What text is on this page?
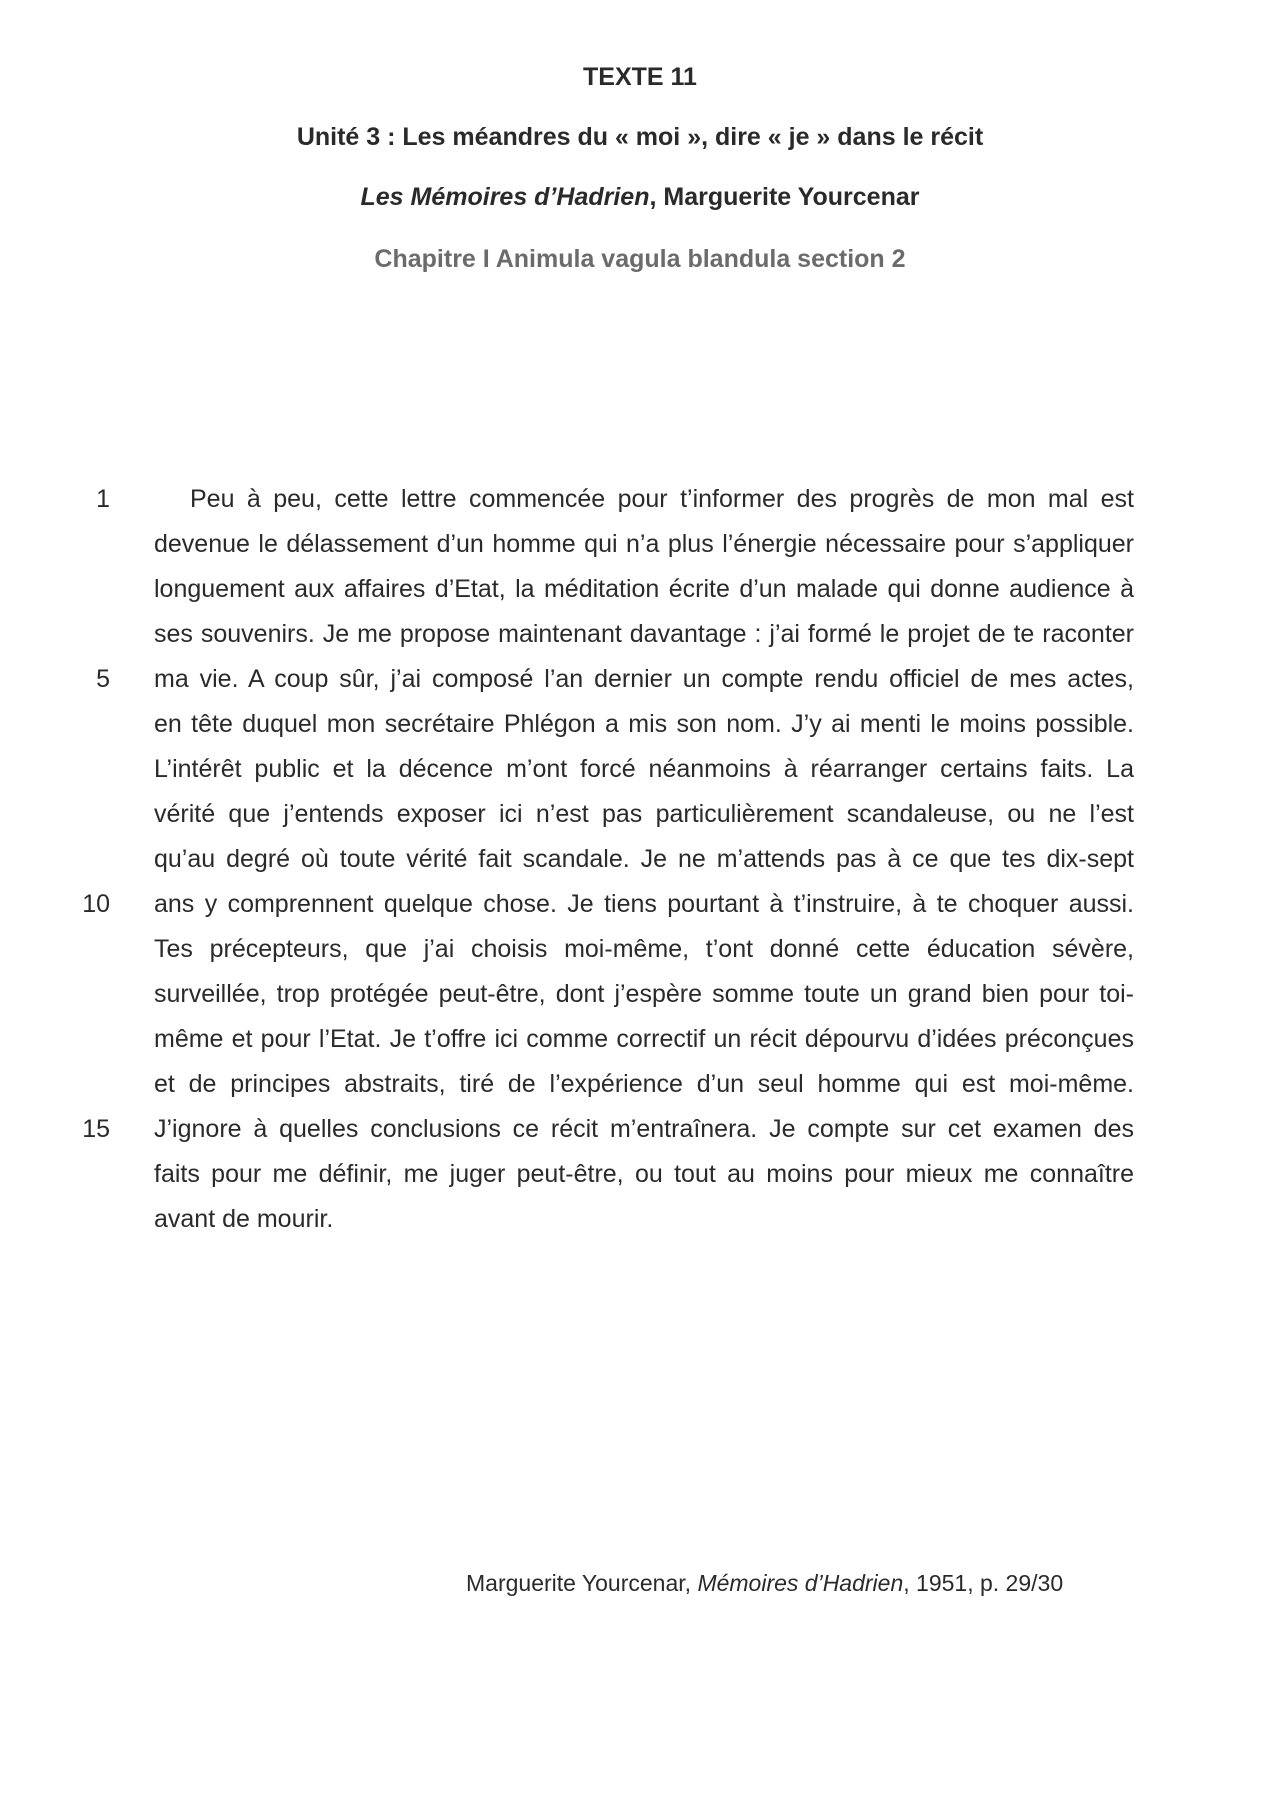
TEXTE 11
Unité 3 : Les méandres du « moi », dire « je » dans le récit
Les Mémoires d’Hadrien, Marguerite Yourcenar
Chapitre I Animula vagula blandula section 2
1
5
10
15
Peu à peu, cette lettre commencée pour t’informer des progrès de mon mal est
devenue le délassement d’un homme qui n’a plus l’énergie nécessaire pour s’appliquer
longuement aux affaires d’Etat, la méditation écrite d’un malade qui donne audience à
ses souvenirs. Je me propose maintenant davantage : j’ai formé le projet de te raconter
ma vie. A coup sûr, j’ai composé l’an dernier un compte rendu officiel de mes actes,
en tête duquel mon secrétaire Phlégon a mis son nom. J’y ai menti le moins possible.
L’intérêt public et la décence m’ont forcé néanmoins à réarranger certains faits. La
vérité que j’entends exposer ici n’est pas particulièrement scandaleuse, ou ne l’est
qu’au degré où toute vérité fait scandale. Je ne m’attends pas à ce que tes dix-sept
ans y comprennent quelque chose. Je tiens pourtant à t’instruire, à te choquer aussi.
Tes précepteurs, que j’ai choisis moi-même, t’ont donné cette éducation sévère,
surveillée, trop protégée peut-être, dont j’espère somme toute un grand bien pour toi-
même et pour l’Etat. Je t’offre ici comme correctif un récit dépourvu d’idées préconçues
et de principes abstraits, tiré de l’expérience d’un seul homme qui est moi-même.
J’ignore à quelles conclusions ce récit m’entraînera. Je compte sur cet examen des
faits pour me définir, me juger peut-être, ou tout au moins pour mieux me connaître
avant de mourir.
Marguerite Yourcenar, Mémoires d’Hadrien, 1951, p. 29/30
